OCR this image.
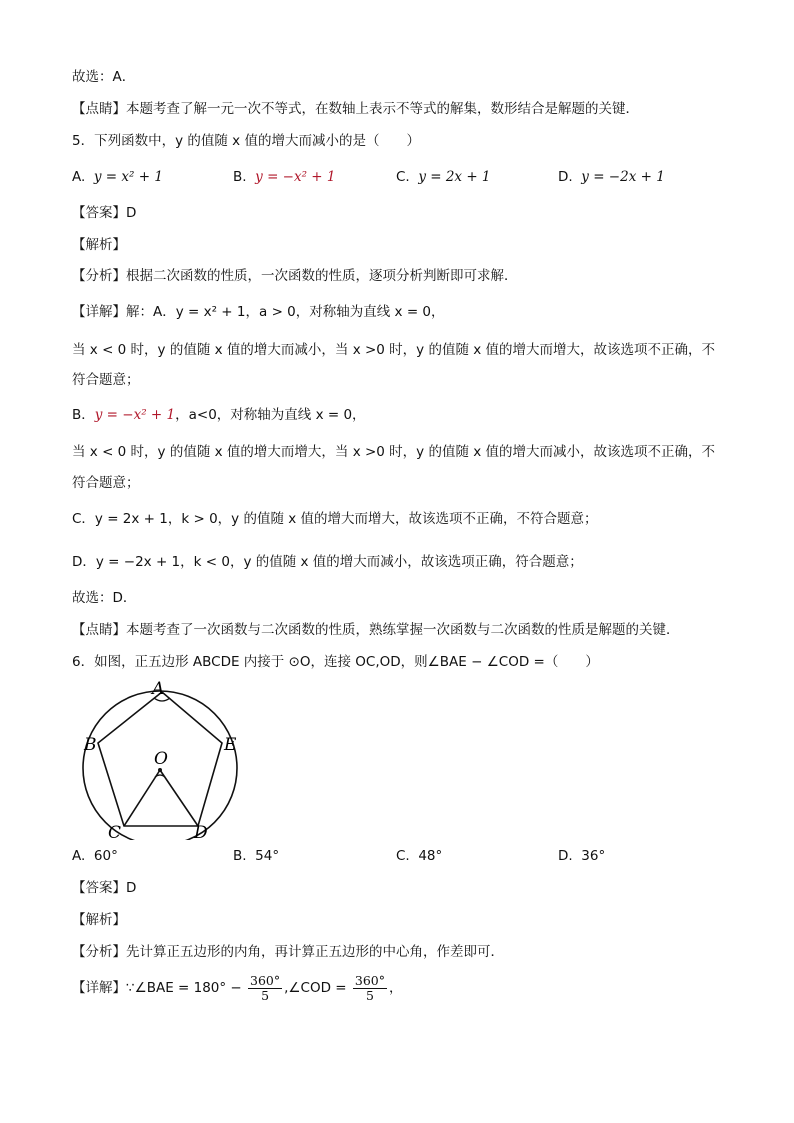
故选：A．
【点睛】本题考查了解一元一次不等式，在数轴上表示不等式的解集，数形结合是解题的关键．
5．下列函数中，y 的值随 x 值的增大而减小的是（　　）
A. y = x² + 1	B. y = −x² + 1	C. y = 2x + 1	D. y = −2x + 1
【答案】D
【解析】
【分析】根据二次函数的性质，一次函数的性质，逐项分析判断即可求解．
【详解】解：A．y = x² + 1，a > 0，对称轴为直线 x = 0，
当 x < 0 时，y 的值随 x 值的增大而减小，当 x >0 时，y 的值随 x 值的增大而增大，故该选项不正确，不
符合题意；
B．y = −x² + 1，a<0，对称轴为直线 x = 0，
当 x < 0 时，y 的值随 x 值的增大而增大，当 x >0 时，y 的值随 x 值的增大而减小，故该选项不正确，不
符合题意；
C．y = 2x + 1，k > 0，y 的值随 x 值的增大而增大，故该选项不正确，不符合题意；
D．y = −2x + 1，k < 0，y 的值随 x 值的增大而减小，故该选项正确，符合题意；
故选：D．
【点睛】本题考查了一次函数与二次函数的性质，熟练掌握一次函数与二次函数的性质是解题的关键．
6．如图，正五边形 ABCDE 内接于 ⊙O，连接 OC,OD，则∠BAE − ∠COD =（　　）
A
B	E
O
C	D
A. 60°	B. 54°	C. 48°	D. 36°
【答案】D
【解析】
【分析】先计算正五边形的内角，再计算正五边形的中心角，作差即可．
【详解】∵∠BAE = $180^\circ - \frac{360^\circ}{5}$ ,∠COD = $\frac{360^\circ}{5}$ ，
